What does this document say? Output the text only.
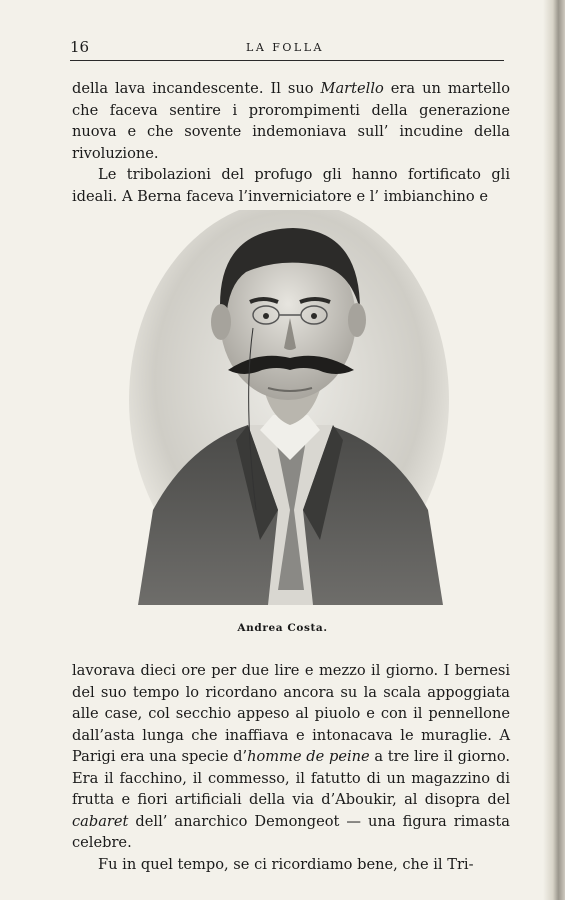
16	LA FOLLA

della lava incandescente. Il suo Martello era un martello che faceva sentire i prorompimenti della generazione nuova e che sovente indemoniava sull’ incudine della rivoluzione.

Le tribolazioni del profugo gli hanno fortificato gli ideali. A Berna faceva l’inverniciatore e l’ imbianchino e

Andrea Costa.

lavorava dieci ore per due lire e mezzo il giorno. I bernesi del suo tempo lo ricordano ancora su la scala appoggiata alle case, col secchio appeso al piuolo e con il pennellone dall’asta lunga che inaffiava e intonacava le muraglie. A Parigi era una specie d’homme de peine a tre lire il giorno. Era il facchino, il commesso, il fatutto di un magazzino di frutta e fiori artificiali della via d’Aboukir, al disopra del cabaret dell’ anarchico Demongeot — una figura rimasta celebre.

Fu in quel tempo, se ci ricordiamo bene, che il Tri-
